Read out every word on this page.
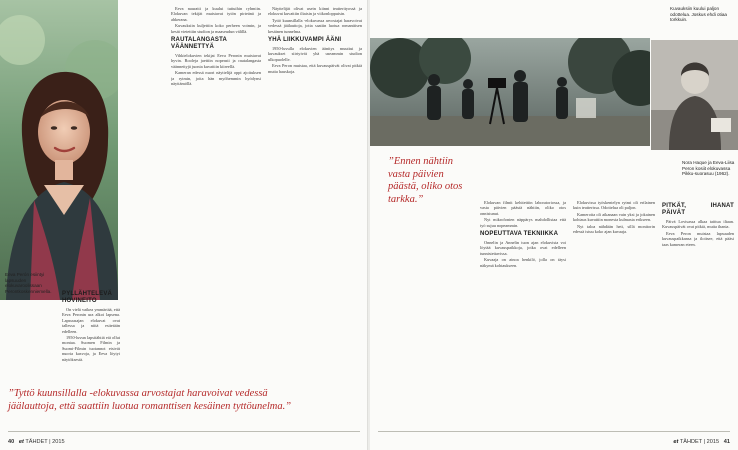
Eeva Perón esiintyi lapsuuden elokuvaroolissaan Perontkoskenniemella.	PYLLÄHTELEVÄ HOVINEITO

On vielä vaikea ymmärtää, että Eeva Peronin ura alkoi lapsena. Lapsuusajan elokuvat ovat tallessa ja niitä esitetään edelleen.

1950-luvun lapsitähtiä eiä ollut montaa. Suomen Filmin ja Suomi-Filmin tuotannot etsivät nuoria kasvoja, ja Eeva löytyi näytöksestä.

Eeva nauratti ja kuului tuttuihin ryhmiin. Elokuvan tekijät muistavat tytön pirteänä ja ahkerana.

Kuvauksiin kuljettiin koko perheen voimin, ja kesät vietettiin studion ja maaseudun välillä.

RAUTALANGASTA VÄÄNNETTYÄ

Vihkielokuvien tekijat Eeva Peronin muistavat hyvin. Rooleja jaettiin nopeasti ja rautalangasta väännettyjä juonia kuvattiin kiireellä.

Kameran edessä nuori näyttelijä oppi ajoituksen ja rytmin, joita hän myöhemmin hyödynsi näyttämöllä.

Näyttelijät olivat usein kiinni teatterityossä ja elokuvat kuvattiin iltaisin ja viikonloppuisin.

Tyttö kuunsillalla -elokuvassa arvostajat haravoivat vedessä jäälauttoja, jotta saatiin luotua romanttisen kesäinen tunnelma.

YHÄ LIIKKUVAMPI ÄÄNI

1950-luvulla elokuvien äänitys muuttui ja kuvaukset siirtyivät yhä useammin studion ulkopuolelle.

Eeva Peron muistaa, että kuvauspäivät olivat pitkiä mutta hauskoja.

”Tyttö kuunsillalla -elokuvassa arvostajat haravoivat vedessä jäälauttoja, että saattiin luotua romanttisen kesäinen tyttöunelma.”
40 et TÄHDET | 2015
Kuvauksiin kuului paljon odottelua. Joskus ehdi otiaa torkkuin.
Nora Haque ja Eeva-Liisa Peron kosiit elokuvassa Pikku-suorasuu (1962).
”Ennen nähtiin vasta päivien päästä, oliko otos tarkka.”	Elokuvan filmit kehitettiin laboratoriossa, ja vasta päivien päästä nähtiin, oliko otos onnistunut.

Nyt mikrofonien näppärys mahdollistaa että työ sujuu nopeammin.

NOPEUTTAVA TEKNIIKKA

Onnelin ja Annelin tuon ajan elokuvista voi löytää kuvauspaikkoja, jotka ovat edelleen tunnistettavissa.

Kuvaaja on ainoa henkilö, jolla on täysi näkymä kohtaukseen.

Elokuvissa työskentelyn rytmi oli erilainen kuin teatterissa. Odottelua oli paljon.

Kameroita oli aikanaan vain yksi ja jokainen kohtaus kuvattiin monesta kulmasta erikseen.

Nyt taloa nähdään heti, sillä monitorin edessä istuu koko ajan kuvaaja.

PITKÄT, IHANAT PÄIVÄT

Päivä Lovisassa alkaa taittua iltaan. Kuvauspäivät ovat pitkiä, mutta ihania.

Eeva Peron muistaa lapsuuden kuvauspaikkansa ja iloitsee, että pääsi taas kameran eteen.

et TÄHDET | 2015 41
